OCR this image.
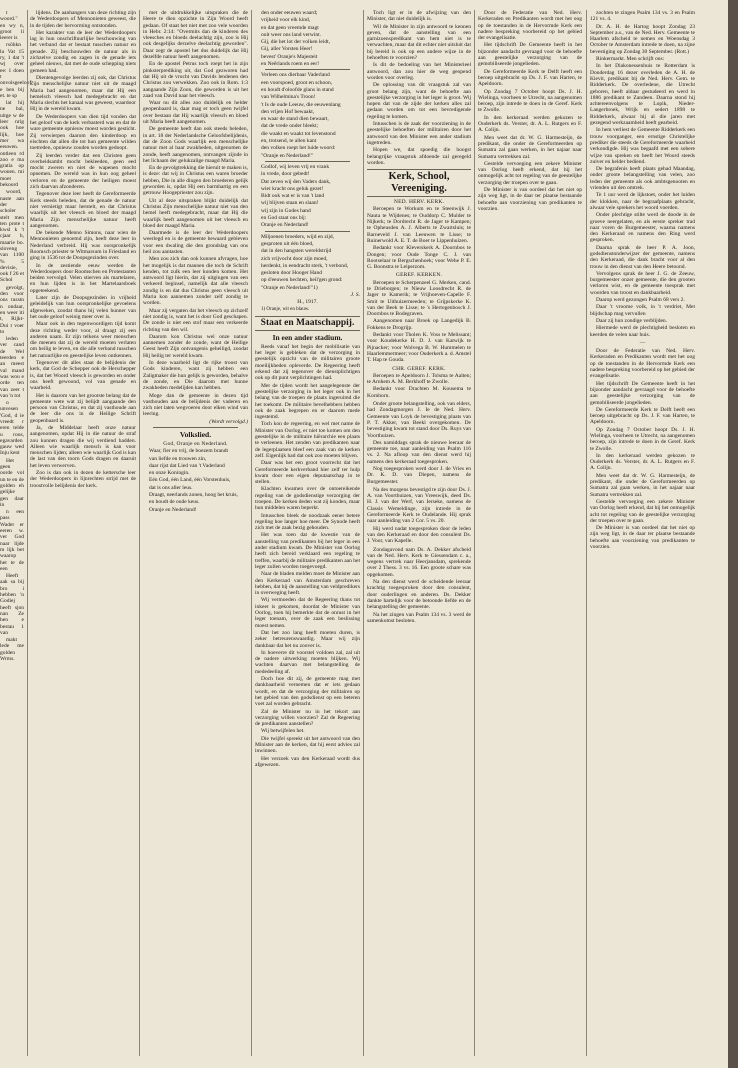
t woord." en wy n, groot li leerer is

rsöhkn lu Vat 15 ry, 1 dat 't wj over ee: 1 doen t onvolsgeeloof e ben bij et. te sp

lat hij ne bal, uitge w de leer nrig ook hoe lijk, hoe mer wa eeuwen. ontleen rd zoo e ma gratia op wonen. mi moet bekoord

woord, naste aan der scholer stelt men ten prote t kwsl k 't cjaar h, maarie bo. sloveng van 1100 % 5 devisie, ook f 26 et Schol

gevolgt, den voor ons tusstn n ondaar, en weer iti t, Rijkt-Dui t voer to

leden ver cand de Wel teerden e an meest val mand was wou e orde ten van zeer t van 'n tot

o unvesen 'God, d ie vreedt r eren telde u roos, egavarden gauw wed Inju kent

Het geen oorde vol un te en de golden eh gelijke gen daar in

n een pass Wader er eeren w. ver God naar lijde m lijk bet waarop het te de een

Heeft aak sa bij bro i hebben 'n Godiej heeft sjon nan Ze hen e bestau 1 van

makt lede me golden Wrms.

lijdens. De aanhangers van deze richting zijn de Wederdoopers of Mennonieten geweest, die in de tijden der hervorming ontstonden.

Het karakter van de leer der Wederdoopers lag in hun onschriftuurlijke beschouwing van het verband dat er bestaat tusschen natuur en genade. Zij beschouwden de natuur als in zichzelve zondig en zagen in de genade iets geheel nieuws, dat met de oude schepping niets gemeen had.

Dientengevolge leerden zij ook, dat Christus Zijn menschelijke natuur niet uit de maagd Maria had aangenomen, maar dat Hij een hemelsch vleesch had medegebracht en dat Maria slechts het kanaal was geweest, waardoor Hij in de wereld kwam.

De Wederdoopers van dien tijd vonden dat het geloof van de kerk verbasterd was en dat de ware gemeente opnieuw moest worden gesticht. Zij verwierpen daarom den kinderdoop en eischten dat allen die tot hun gemeente wilden toetreden, opnieuw zouden worden gedoopt.

Zij leerden verder dat een Christen geen overheidsambt mocht bekleeden, geen eed mocht zweren en niet de wapenen mocht opnemen. De wereld was in hun oog geheel verloren en de gemeente der heiligen moest zich daarvan afzonderen.

Tegenover deze leer heeft de Gereformeerde Kerk steeds beleden, dat de genade de natuur niet vernietigt maar herstelt, en dat Christus waarlijk uit het vleesch en bloed der maagd Maria Zijn menschelijke natuur heeft aangenomen.

De bekende Menno Simons, naar wien de Mennonieten genoemd zijn, heeft deze leer in Nederland verbreid. Hij was oorspronkelijk Roomsch priester te Witmarsum in Friesland en ging in 1536 tot de Doopsgezinden over.

In de zestiende eeuw werden de Wederdoopers door Roomschen en Protestanten beiden vervolgd. Velen stierven als martelaren, en hun lijden is in het Martelaarsboek opgeteekend.

Later zijn de Doopsgezinden in vrijheid geleidelijk van hun oorspronkelijke gevoelens afgeweken, zoodat thans bij velen hunner van het oude geloof weinig meer over is.

Maar ook in den tegenwoordigen tijd komt deze richting weder voor, al draagt zij een anderen naam. Er zijn telkens weer menschen die meenen dat zij de wereld moeten verlaten om heilig te leven, en die alle verband tusschen het natuurlijke en geestelijke leven ontkennen.

Tegenover dit alles staat de belijdenis der kerk, dat God de Schepper ook de Herschepper is, dat het Woord vleesch is geworden en onder ons heeft gewoond, vol van genade en waarheid.

Het is daarom van het grootste belang dat de gemeente wete wat zij belijdt aangaande den persoon van Christus, en dat zij vasthoude aan de leer die ons in de Heilige Schrift geopenbaard is.

Ja, de Middelaar heeft onze natuur aangenomen, opdat Hij in die natuur de straf zou kunnen dragen die wij verdiend hadden. Alleen wie waarlijk mensch is kan voor menschen lijden; alleen wie waarlijk God is kan de last van den toorn Gods dragen en daaruit het leven verwerven.

Zoo is dan ook in dezen de kettersche leer der Wederdoopers in lijnrechten strijd met de troostvolle belijdenis der kerk.

met de uitdrukkelijke uitspraken die de Heere te dien opzichte in Zijn Woord heeft gedaan. Of staat het niet met zoo vele woorden in Hebr. 2:14: "Overmits dan de kinderen des vleesches en bloeds deelachtig zijn, zoo is Hij ook desgelijks derzelve deelachtig geworden". Daar zegt de apostel het dus duidelijk dat Hij dezelfde natuur heeft aangenomen.

En de apostel Petrus toch roept het in zijn pinksterprediking uit, dat God gezworen had dat Hij uit de vrucht van Davids lendenen den Christus zou verwekken. Zoo ook in Rom. 1:3 aangaande Zijn Zoon, die geworden is uit het zaad van David naar het vleesch.

Waar nu dit alles zoo duidelijk en helder geopenbaard is, daar mag er toch geen twijfel over bestaan dat Hij waarlijk vleesch en bloed uit Maria heeft aangenomen.

De gemeente heeft dan ook steeds beleden, in art. 18 der Nederlandsche Geloofsbelijdenis, dat de Zoon Gods waarlijk een menschelijke natuur met al haar zwakheden, uitgenomen de zonde, heeft aangenomen, ontvangen zijnde in het lichaam der gelukzalige maagd Maria.

En de gevolgtrekking die hieruit te maken is, is deze: dat wij in Christus een waren broeder hebben, Die in alle dingen den broederen gelijk geworden is, opdat Hij een barmhartig en een getrouw Hoogepriester zou zijn.

Uit al deze uitspraken blijkt duidelijk dat Christus Zijn menschelijke natuur niet van den hemel heeft medegebracht, maar dat Hij die waarlijk heeft aangenomen uit het vleesch en bloed der maagd Maria.

Daarmede is de leer der Wederdoopers weerlegd en is de gemeente bewaard gebleven voor een dwaling die den grondslag van ons heil zou aantasten.

Men zou zich dan ook kunnen afvragen, hoe het mogelijk is dat mannen die toch de Schrift kenden, tot zulk een leer konden komen. Het antwoord ligt hierin, dat zij uitgingen van een verkeerd beginsel, namelijk dat alle vleesch zondig is en dat dus Christus geen vleesch uit Maria kon aannemen zonder zelf zondig te worden.

Maar zij vergaten dat het vleesch op zichzelf niet zondig is, want het is door God geschapen. De zonde is niet een stof maar een verkeerde richting van den wil.

Daarom kon Christus wel onze natuur aannemen zonder de zonde, want de Heilige Geest heeft Zijn ontvangenis geheiligd, zoodat Hij heilig ter wereld kwam.

In deze waarheid ligt de rijke troost van Gods kinderen, want zij hebben een Zaligmaker die hun gelijk is geworden, behalve de zonde, en Die daarom met hunne zwakheden medelijden kan hebben.

Moge dan de gemeente in dezen tijd vasthouden aan de belijdenis der vaderen en zich niet laten wegvoeren door elken wind van leering.

(Wordt vervolgd.)

Volkslied.
God, Oranje en Nederland.

Waar, fier en vrij, de boezem brandt

van liefde en trouwen zin,

daar rijst dat Lied van 't Vaderland

en onze Koningin.

Eén God, één Land, één Vorstenhuis,

dat is ons aller leus.

Draagt, neerlands zonen, hoog het kruis,

en houdt de oude keus.

Oranje en Nederland!

den onder eeuwen waard;

vrijheid voor elk kind,

en dat geen vreemde magt

ooit weer ons land verwint.

Gij, die het lot der volken leidt,

Gij, aller Vorsten Heer!

bevest' Oranje's Majesteit

en Neêrlands roem en eer!

Verleen ons dierbaar Vaderland

een voorspoed, groot en schoon,

en houdt d'oloofde glans in stand

van Wilhelmina's Troon!

't Is de oude Leeuw, die eeuwenlang

den vrijen Hof bewaakt,

en waar de stand dien bewaart,

dat de vrede onder bleekt;

die waakt en waakt tot levenstond

en, trotsend, te allen kant

den volken roept het luide woord:

"Oranje en Nederland!"

Godlof, wij leven vrij en vrank

in vrede, door gebedt!

Dat zeven wij den Vaders dank,

wier kracht ons geluk gezet!

Bidt ook wat er is van 't land

wij blijven staan en slaan!

wij zijn in Godes hand

en God staat ons bij:

Oranje en Nederland!

Miljoenen broeders, wijd en zijd,

gesproten uit één bloed,

dat in den hangsten wereldstrijd

zich vrijvocht door zijn moed,

herdenkt, in eendracht sterk, 't verbond,

gesloten door Hooger Hand

op d'eeuwen hechten, heil'gen grond:

"Oranje en Nederland!"1)

J. S.

H., 1917.

1) Oranje, wit en blauw.

Staat en Maatschappij.
In een ander stadium.

Reeds vanaf het begin der mobilisatie van het leger is gebleken dat de verzorging in geestelijk opzicht van de militairen groote moeilijkheden opleverde. De Regeering heeft erkend dat zij tegenover de dienstplichtigen ook op dit punt verplichtingen had.

Met de tijden wordt het aangelegenste der geestelijke verzorging in het leger ook in het belang van de troepen de plaats ingeruimd die het toekomt. De militaire bevelhebbers hebben ook de zaak begrepen en er daarom mede ingestemd.

Toch kon de regeering, en wel met name de Minister van Oorlog, er niet toe komen om den geestelijke in de militaire hiërarchie een plaats te verleenen. Het zenden van predikanten naar de legerplaatsen bleef een zaak van de kerken zelf. Eigenlijk had dat ook zoo moeten blijven.

Daar was het een groot voorrecht dat het Gereformeerde kerkverband hier zelf ter hulp kwam door een eigen deputaatschap in te stellen.

Klachten kwamen over de ontoereikende regeling van de godsdienstige verzorging der troepen. De kerken deden wat zij konden, maar hun middelen waren beperkt.

Intusschen bleek de noodzaak eener betere regeling hoe langer hoe meer. De Synode heeft zich met de zaak bezig gehouden.

Het was toen dat de kwestie van de aanstelling van predikanten bij het leger in een ander stadium kwam. De Minister van Oorlog heeft zich bereid verklaard een regeling te treffen, waarbij de militaire predikanten aan het leger zullen worden toegevoegd.

Naar de bladen melden moet de Minister aan den Kerkeraad van Amsterdam geschreven hebben, dat hij de aanstelling van veldpredikers in overweging heeft.

Wij vermoeden dat de Regeering thans tot inkeer is gekomen, doordat de Minister van Oorlog, toen hij bemerkte dat de onrust in het leger toenam, over de zaak een beslissing moest nemen.

Dat het zoo lang heeft moeten duren, is zeker betreurenswaardig. Maar wij zijn dankbaar dat het nu zoover is.

In hoeverre dit voorstel voldoen zal, zal uit de nadere uitwerking moeten blijken. Wij wachten daarvan met belangstelling de mededeeling af.

Doch hoe dit zij, de gemeente mag met dankbaarheid vernemen dat er iets gedaan wordt, en dat de verzorging der militairen op het gebied van den godsdienst op een beteren voet zal worden gebracht.

Zal de Minister nu in het tekort aan verzorging willen voorzien? Zal de Regeering de predikanten aanstellen?

Wij betwijfelen het.

Die twijfel spreekt uit het antwoord van den Minister aan de kerken, dat hij eerst advies zal inwinnen.

Het verzoek van den Kerkeraad wordt dus afgewezen.

Toch ligt er in de afwijzing van den Minister, dat niet duidelijk is.

Wil de Minister in zijn antwoord te kennen geven, dat de aanstelling van een garnizoenspredikant van hem niet is te verwachten, maar dat dit echter niet uitsluit dat bij bereid is ook op een andere wijze in de behoeften te voorzien?

Is dit de bedoeling van het Ministerieel antwoord, dan zou hier de weg geopend worden voor overleg.

De oplossing van dit vraagstuk zal van groot belang zijn, want de behoefte aan geestelijke verzorging in het leger is groot. Wij hopen dat van de zijde der kerken alles zal gedaan worden om tot een bevredigende regeling te komen.

Intusschen is de zaak der voorziening in de geestelijke behoeften der militairen door het antwoord van den Minister een ander stadium ingetreden.

Hopen we, dat spoedig die hoogst belangrijke vraagstuk afdoende zal geregeld worden.

Kerk, School, Vereeniging.
NED. HERV. KERK.

Beroepen te Workum en te Steenwijk J. Nauta te Wijdenes; te Ouddorp C. Mulder te Nijkerk; te Dordrecht R. de Jager te Kampen; te Opheusden A. J. Alberts te Zwartsluis; te Barneveld J. van Leeuwen te Lisse; te Ruinerwold A. E. T. de Boer te Lippenhuizen.

Bedankt voor Kleverskerk A. Doornbos te Dongen; voor Oude Tonge C. J. van Rootselaar te Bergschenhoek; voor Wehe P. E. G. Boonstra te Leiperzom.

GEREF. KERKEN.

Beroepen te Scherpenzeel G. Merken, cand. te Drieborgen; te Nieuw Loosdrecht R. de Jager te Kamerik; te Vrijhoeven-Capelle F. Smit te Uithuizermeeden; te Grijpskerke K. van der Beek te Lisse; te 's Hertogenbosch J. Doornbos te Bodegraven.

Aangenomen naar Broek op Langedijk B. Fokkens te Drogrijp.

Bedankt voor Tholen K. Voss te Melissant; voor Koudekerke H. D. J. van Katwijk te Pijnacker; voor Wolvega B. W. Hummelen te Haarlemmermeer; voor Ouderkerk a. d. Amstel T. Hap te Gouda.

CHR. GEREF. KERK.

Beroepen te Apeldoorn J. Tolsma te Aalten; te Arnhem A. M. Berkhoff te Zwolle.

Bedankt voor Drachten M. Kousema te Kornhorn.

Onder groote belangstelling, ook van elders, had Zondagmorgen J. Ie de Ned. Herv. Gemeente van Loyk de bevestiging plaats van P. T. Akker, van Beekl overgekomen. De bevestiging kwam tot stand door Ds. Ruys van Voorthuizen.

Des namiddags sprak de nieuwe leeraar de gemeente toe, naar aanleiding van Psalm 116 vs. 2. Na afloop van den dienst werd hij namens den kerkeraad toegesproken.

Nog toegesproken werd door J. de Vries en Dr. K. D. van Diepen, namens de Burgemeester.

Na des morgens bevestigd te zijn door Ds. J. A. van Voorthuizen, van Vreeswijk, deed Ds. H. J. van der Werf, van Ierseke, namens de Classis Wemeldinge, zijn intrede in de Gereformeerde Kerk te Oudelande. Hij sprak naar aanleiding van 2 Cor. 5 vs. 20.

Hij werd nadat toegesproken door de leden van den Kerkeraad en door den consulent Ds. J. Voor, van Kapelle.

Zondagavond nam Ds. A. Dekker afscheid van de Ned. Herv. Kerk te Giessendam c. a., wegens vertrek naar Heerjansdam, sprekende over 2 Thess. 3 vs. 16. Een groote schare was opgekomen.

Na den dienst werd de scheidende leeraar krachtig toegesproken door den consulent, door ouderlingen en anderen. Ds. Dekker dankte hartelijk voor de betoonde liefde en de belangstelling der gemeente.

Na het zingen van Psalm 134 vs. 3 werd de samenkomst besloten.

Door de Federatie van Ned. Herv. Kerkeraden en Predikanten wordt met het oog op de toestanden in de Hervormde Kerk een nadere bespreking voorbereid op het gebied der evangelisatie.

Het tijdschrift De Gemeente heeft in het bijzonder aandacht gevraagd voor de behoefte aan geestelijke verzorging van de gemobiliseerde jongelieden.

De Gereformeerde Kerk te Delft heeft een beroep uitgebracht op Ds. J. F. van Harten, te Apeldoorn.

Op Zondag 7 October hoopt Ds. J. H. Wielinga, voorheen te Utrecht, na aangenomen beroep, zijn intrede te doen in de Geref. Kerk te Zwolle.

In den kerkeraad werden gekozen te Ouderkerk ds. Verster, dr. A. L. Rutgers en F. A. Colijn.

Men weet dat dr. W. G. Harmesteijn, de predikant, die onder de Gereformeerden op Sumatra zal gaan werken, in het najaar naar Sumatra vertrekken zal.

Gestelde vervoeging een zekere Minister van Oorlog heeft erkend, dat hij het onmogelijk acht tot regeling van de geestelijke verzorging der troepen over te gaan.

De Minister is van oordeel dat het niet op zijn weg ligt, in de daar ter plaatse bestaande behoefte aan voorziening van predikanten te voorzien.

zochten te zingen Psalm 134 vs. 3 en Psalm 121 vs. 4.

Dr. A. H. de Hartog hoopt Zondag 23 September a.s., van de Ned. Herv. Gemeente te Haarlem afscheid te nemen en Woensdag 3 October te Amsterdam intrede te doen, na zijne bevestiging op Zondag 30 September. (Rott.)

Rinkermarkt. Men schrijft ons:

In het Diakonessenhuis te Rotterdam is Donderdag 16 dezer overleden de A. H. de Kievit, predikant bij de Ned. Herv. Gem. te Ridderkerk. De overledene, die Utrecht geboren, heeft aldaar gestudeerd en werd in 1886 predikant te Zandeen. Daarna stond hij achtereenvolgens te Lopik, Nieder-Langerbroek, Wrijk en sedert 1898 te Ridderkerk, alwaar hij al die jaren met gezegend werkzaamheid heeft gearbeid.

In hem verliest de Gemeente Ridderkerk een trouw voorganger, een ernstige Christelijke prediker die steeds de Gereformeerde waarheid verkondigde. Hij was begaafd met een sobere wijze van spreken en heeft het Woord steeds zuiver en helder bediend.

De begrafenis heeft plaats gehad Maandag, onder groote belangstelling van velen, zoo leden der gemeente als ook ambtsgenooten en vrienden uit den omtrek.

Te 1 uur werd de lijkstoet, onder het luiden der klokken, naar de begraafplaats gebracht, alwaar vele sprekers het woord voerden.

Onder plechtige stilte werd de doode in de groeve neergelaten, en als eerste spreker trad naar voren de Burgemeester, waarna namens den Kerkeraad en namens den Ring werd gesproken.

Daarna sprak de heer P. A. Joon, godsdienstonderwijzer der gemeente, namens den Kerkeraad, die dank bracht voor al den trouw in den dienst van den Heere betoond.

Vervolgens sprak de heer J. G. de Zeeuw, burgemeester onzer gemeente, die den grooten verloren wist, en de gemeente toesprak met woorden van troost en dankbaarheid.

Daarop werd gezongen Psalm 68 vers 2.

Daar 't vroome volk, in 't verdriet, Met blijdschap mag vervullen

Daar zij hun zondige verblijden.

Hiermede werd de plechtigheid besloten en keerden de velen naar huis.

—

Door de Federatie van Ned. Herv. Kerkeraden en Predikanten wordt met het oog op de toestanden in de Hervormde Kerk een nadere bespreking voorbereid op het gebied der evangelisatie.

Het tijdschrift De Gemeente heeft in het bijzonder aandacht gevraagd voor de behoefte aan geestelijke verzorging van de gemobiliseerde jongelieden.

De Gereformeerde Kerk te Delft heeft een beroep uitgebracht op Ds. J. F. van Harten, te Apeldoorn.

Op Zondag 7 October hoopt Ds. J. H. Wielinga, voorheen te Utrecht, na aangenomen beroep, zijn intrede te doen in de Geref. Kerk te Zwolle.

In den kerkeraad werden gekozen te Ouderkerk ds. Verster, dr. A. L. Rutgers en F. A. Colijn.

Men weet dat dr. W. G. Harmesteijn, de predikant, die onder de Gereformeerden op Sumatra zal gaan werken, in het najaar naar Sumatra vertrekken zal.

Gestelde vervoeging een zekere Minister van Oorlog heeft erkend, dat hij het onmogelijk acht tot regeling van de geestelijke verzorging der troepen over te gaan.

De Minister is van oordeel dat het niet op zijn weg ligt, in de daar ter plaatse bestaande behoefte aan voorziening van predikanten te voorzien.
